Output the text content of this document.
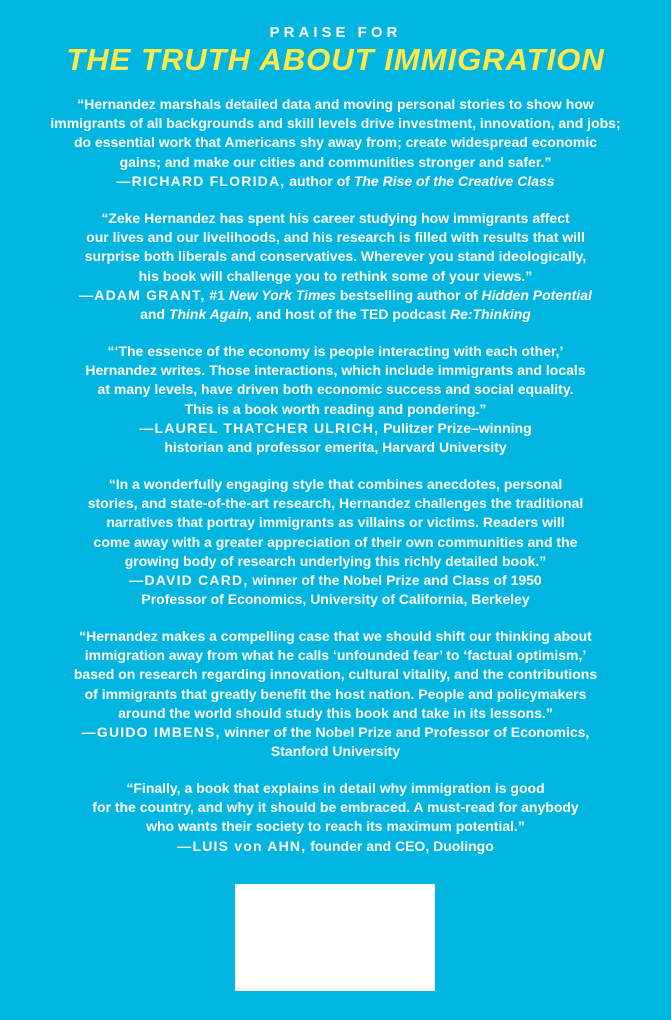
PRAISE FOR
THE TRUTH ABOUT IMMIGRATION
“Hernandez marshals detailed data and moving personal stories to show how
immigrants of all backgrounds and skill levels drive investment, innovation, and jobs;
do essential work that Americans shy away from; create widespread economic
gains; and make our cities and communities stronger and safer.”
—RICHARD FLORIDA, author of The Rise of the Creative Class
“Zeke Hernandez has spent his career studying how immigrants affect
our lives and our livelihoods, and his research is filled with results that will
surprise both liberals and conservatives. Wherever you stand ideologically,
his book will challenge you to rethink some of your views.”
—ADAM GRANT, #1 New York Times bestselling author of Hidden Potential
and Think Again, and host of the TED podcast Re:Thinking
“‘The essence of the economy is people interacting with each other,’
Hernandez writes. Those interactions, which include immigrants and locals
at many levels, have driven both economic success and social equality.
This is a book worth reading and pondering.”
—LAUREL THATCHER ULRICH, Pulitzer Prize–winning
historian and professor emerita, Harvard University
“In a wonderfully engaging style that combines anecdotes, personal
stories, and state-of-the-art research, Hernandez challenges the traditional
narratives that portray immigrants as villains or victims. Readers will
come away with a greater appreciation of their own communities and the
growing body of research underlying this richly detailed book.”
—DAVID CARD, winner of the Nobel Prize and Class of 1950
Professor of Economics, University of California, Berkeley
“Hernandez makes a compelling case that we should shift our thinking about
immigration away from what he calls ‘unfounded fear’ to ‘factual optimism,’
based on research regarding innovation, cultural vitality, and the contributions
of immigrants that greatly benefit the host nation. People and policymakers
around the world should study this book and take in its lessons.”
—GUIDO IMBENS, winner of the Nobel Prize and Professor of Economics,
Stanford University
“Finally, a book that explains in detail why immigration is good
for the country, and why it should be embraced. A must-read for anybody
who wants their society to reach its maximum potential.”
—LUIS von AHN, founder and CEO, Duolingo
